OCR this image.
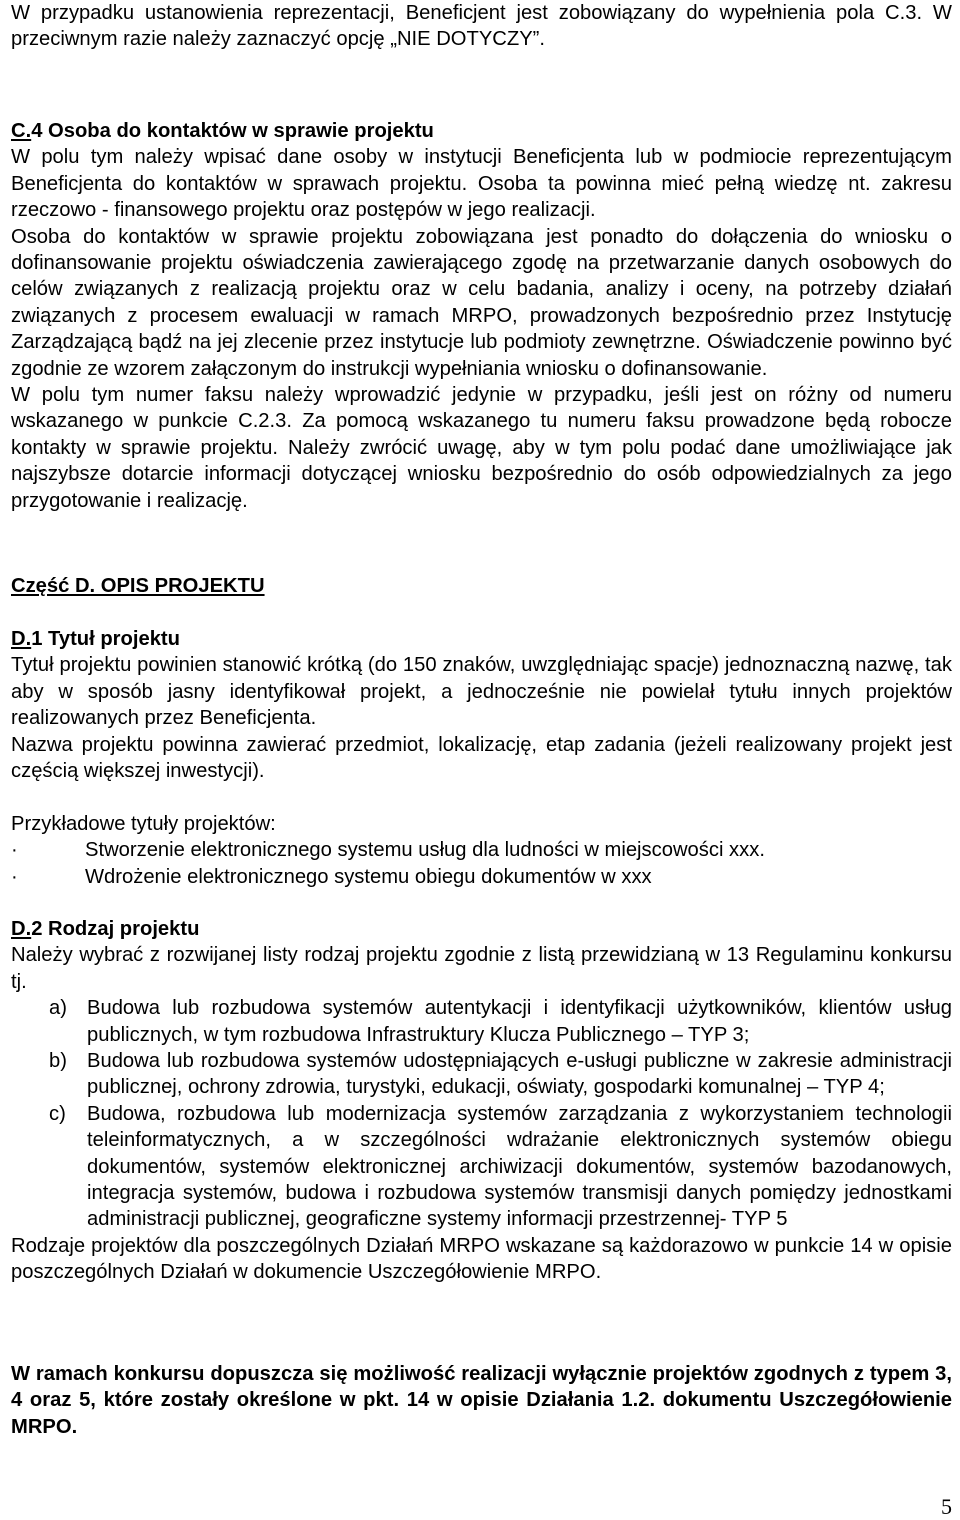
W przypadku ustanowienia reprezentacji, Beneficjent jest zobowiązany do wypełnienia pola C.3. W przeciwnym razie należy zaznaczyć opcję „NIE DOTYCZY”.

C.4 Osoba do kontaktów w sprawie projektu

W polu tym należy wpisać dane osoby w instytucji Beneficjenta lub w podmiocie reprezentującym Beneficjenta do kontaktów w sprawach projektu. Osoba ta powinna mieć pełną wiedzę nt. zakresu rzeczowo - finansowego projektu oraz postępów w jego realizacji.

Osoba do kontaktów w sprawie projektu zobowiązana jest ponadto do dołączenia do wniosku o dofinansowanie projektu oświadczenia zawierającego zgodę na przetwarzanie danych osobowych do celów związanych z realizacją projektu oraz w celu badania, analizy i oceny, na potrzeby działań związanych z procesem ewaluacji w ramach MRPO, prowadzonych bezpośrednio przez Instytucję Zarządzającą bądź na jej zlecenie przez instytucje lub podmioty zewnętrzne. Oświadczenie powinno być zgodnie ze wzorem załączonym do instrukcji wypełniania wniosku o dofinansowanie.

W polu tym numer faksu należy wprowadzić jedynie w przypadku, jeśli jest on różny od numeru wskazanego w punkcie C.2.3. Za pomocą wskazanego tu numeru faksu prowadzone będą robocze kontakty w sprawie projektu. Należy zwrócić uwagę, aby w tym polu podać dane umożliwiające jak najszybsze dotarcie informacji dotyczącej wniosku bezpośrednio do osób odpowiedzialnych za jego przygotowanie i realizację.

Część D. OPIS PROJEKTU

D.1 Tytuł projektu

Tytuł projektu powinien stanowić krótką (do 150 znaków, uwzględniając spacje) jednoznaczną nazwę, tak aby w sposób jasny identyfikował projekt, a jednocześnie nie powielał tytułu innych projektów realizowanych przez Beneficjenta.

Nazwa projektu powinna zawierać przedmiot, lokalizację, etap zadania (jeżeli realizowany projekt jest częścią większej inwestycji).

Przykładowe tytuły projektów:

·	Stworzenie elektronicznego systemu usług dla ludności w miejscowości xxx.
·	Wdrożenie elektronicznego systemu obiegu dokumentów w xxx

D.2 Rodzaj projektu

Należy wybrać z rozwijanej listy rodzaj projektu zgodnie z listą przewidzianą w 13 Regulaminu konkursu tj.

a) Budowa lub rozbudowa systemów autentykacji i identyfikacji użytkowników, klientów usług publicznych, w tym rozbudowa Infrastruktury Klucza Publicznego – TYP 3;
b) Budowa lub rozbudowa systemów udostępniających e-usługi publiczne w zakresie administracji publicznej, ochrony zdrowia, turystyki, edukacji, oświaty, gospodarki komunalnej – TYP 4;
c)	Budowa, rozbudowa lub modernizacja systemów zarządzania z wykorzystaniem technologii teleinformatycznych, a w szczególności wdrażanie elektronicznych systemów obiegu dokumentów, systemów elektronicznej archiwizacji dokumentów, systemów bazodanowych, integracja systemów, budowa i rozbudowa systemów transmisji danych pomiędzy jednostkami administracji publicznej, geograficzne systemy informacji przestrzennej- TYP 5

Rodzaje projektów dla poszczególnych Działań MRPO wskazane są każdorazowo w punkcie 14 w opisie poszczególnych Działań w dokumencie Uszczegółowienie MRPO.

W ramach konkursu dopuszcza się możliwość realizacji wyłącznie projektów zgodnych z typem 3, 4 oraz 5, które zostały określone w pkt. 14 w opisie Działania 1.2. dokumentu Uszczegółowienie MRPO.

5
